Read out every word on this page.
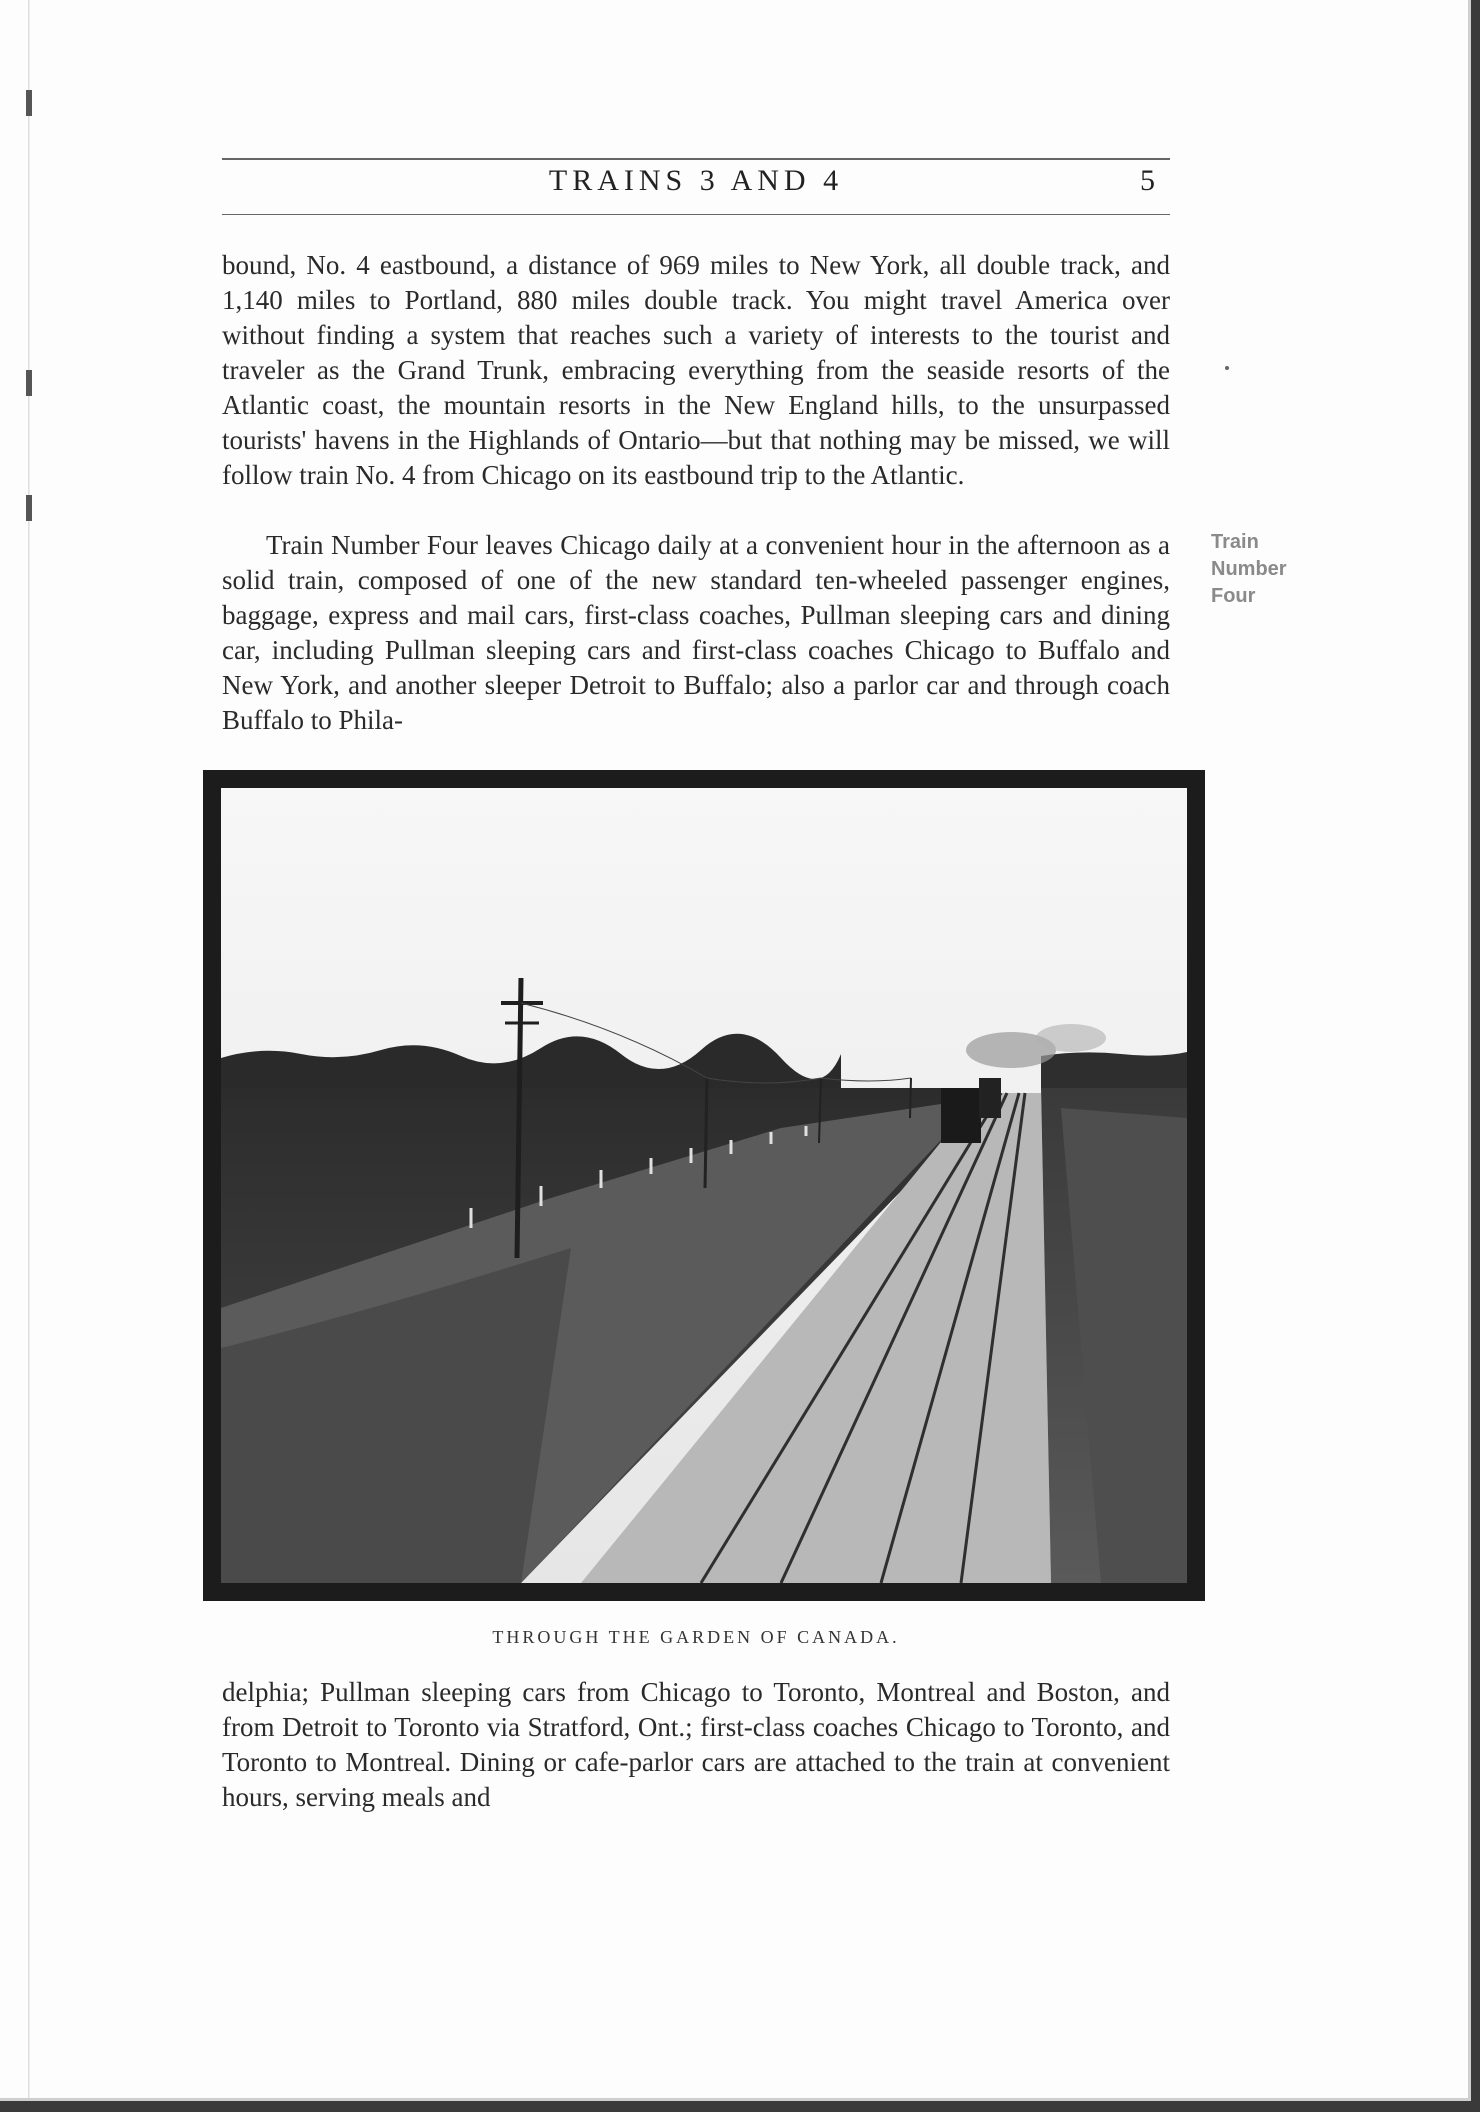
TRAINS 3 AND 4	5
bound, No. 4 eastbound, a distance of 969 miles to New York, all double track, and 1,140 miles to Portland, 880 miles double track. You might travel America over without finding a system that reaches such a variety of interests to the tourist and traveler as the Grand Trunk, embracing everything from the seaside resorts of the Atlantic coast, the mountain resorts in the New England hills, to the unsurpassed tourists' havens in the Highlands of Ontario—but that nothing may be missed, we will follow train No. 4 from Chicago on its eastbound trip to the Atlantic.
Train Number Four leaves Chicago daily at a convenient hour in the afternoon as a solid train, composed of one of the new standard ten-wheeled passenger engines, baggage, express and mail cars, first-class coaches, Pullman sleeping cars and dining car, including Pullman sleeping cars and first-class coaches Chicago to Buffalo and New York, and another sleeper Detroit to Buffalo; also a parlor car and through coach Buffalo to Phila-
Train
Number
Four
THROUGH THE GARDEN OF CANADA.
delphia; Pullman sleeping cars from Chicago to Toronto, Montreal and Boston, and from Detroit to Toronto via Stratford, Ont.; first-class coaches Chicago to Toronto, and Toronto to Montreal. Dining or cafe-parlor cars are attached to the train at convenient hours, serving meals and
